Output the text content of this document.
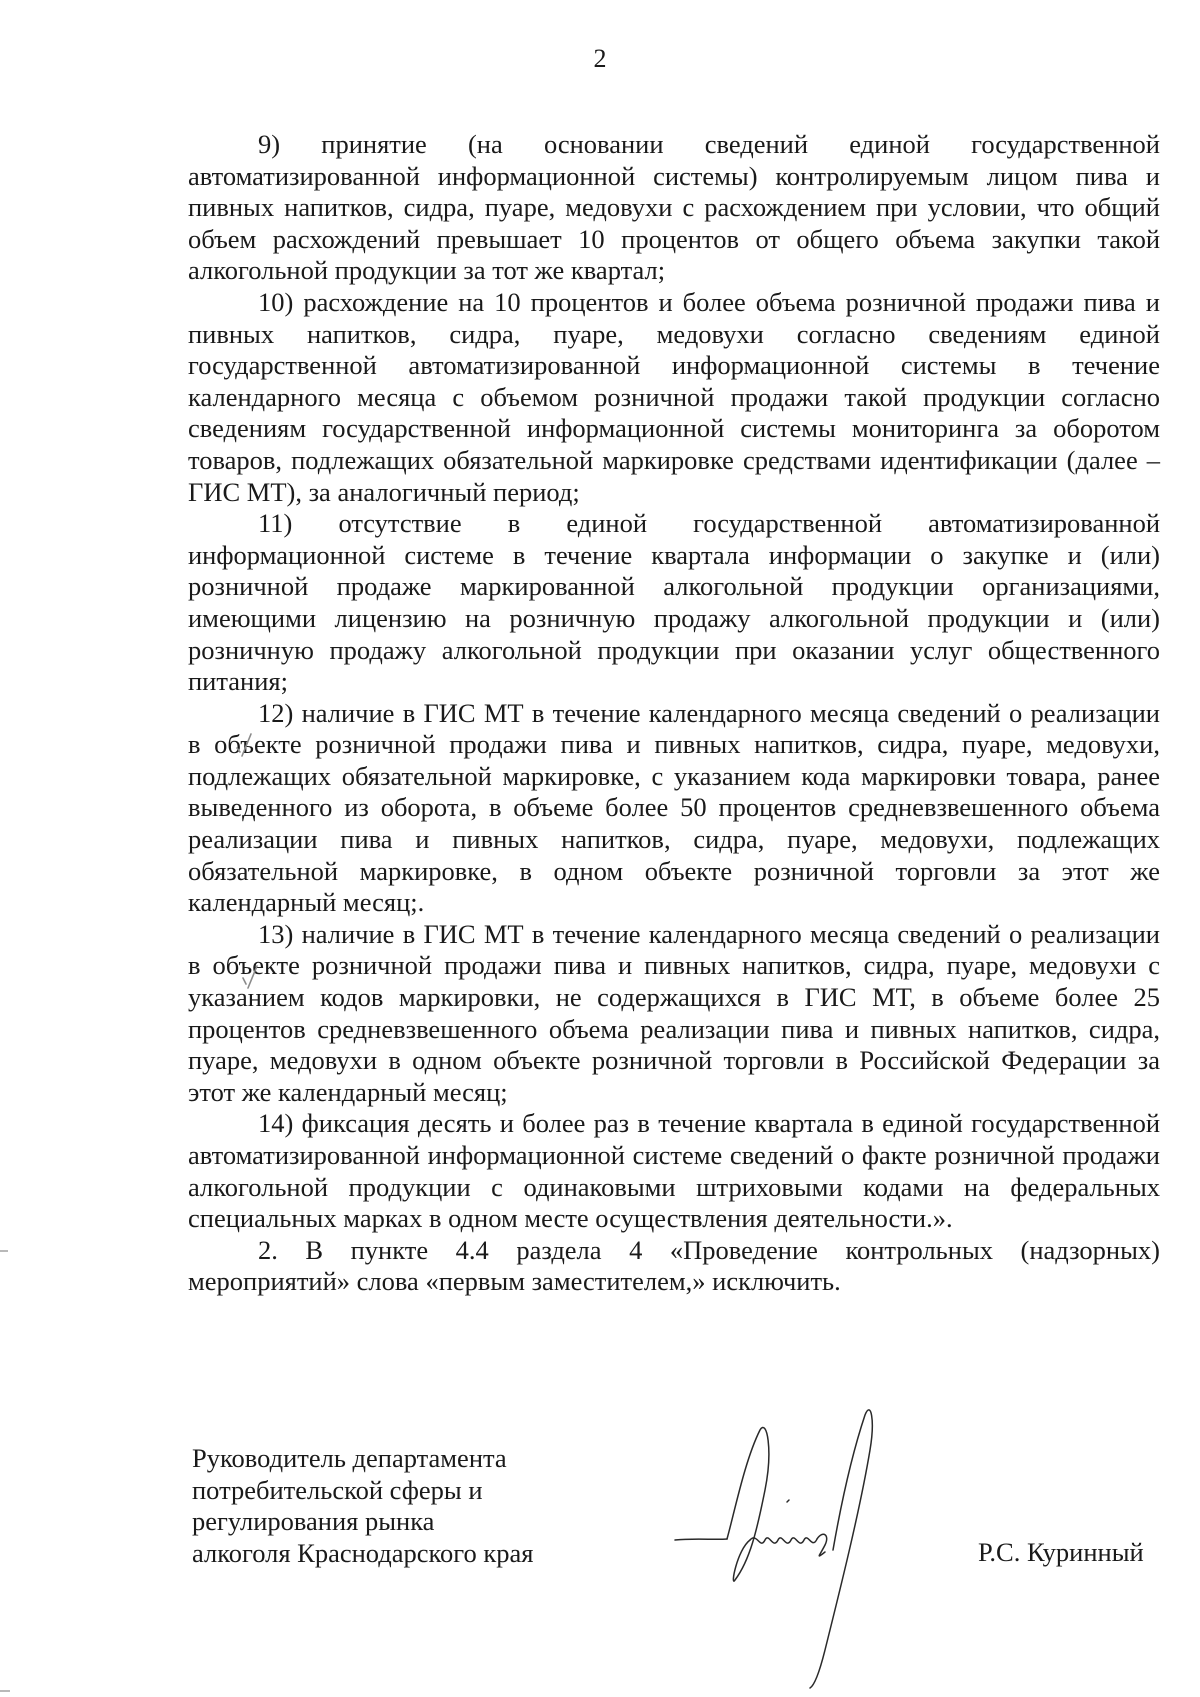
2

9) принятие (на основании сведений единой государственной автоматизированной информационной системы) контролируемым лицом пива и пивных напитков, сидра, пуаре, медовухи с расхождением при условии, что общий объем расхождений превышает 10 процентов от общего объема закупки такой алкогольной продукции за тот же квартал;

10) расхождение на 10 процентов и более объема розничной продажи пива и пивных напитков, сидра, пуаре, медовухи согласно сведениям единой государственной автоматизированной информационной системы в течение календарного месяца с объемом розничной продажи такой продукции согласно сведениям государственной информационной системы мониторинга за оборотом товаров, подлежащих обязательной маркировке средствами идентификации (далее – ГИС МТ), за аналогичный период;

11) отсутствие в единой государственной автоматизированной информационной системе в течение квартала информации о закупке и (или) розничной продаже маркированной алкогольной продукции организациями, имеющими лицензию на розничную продажу алкогольной продукции и (или) розничную продажу алкогольной продукции при оказании услуг общественного питания;

12) наличие в ГИС МТ в течение календарного месяца сведений о реализации в объекте розничной продажи пива и пивных напитков, сидра, пуаре, медовухи, подлежащих обязательной маркировке, с указанием кода маркировки товара, ранее выведенного из оборота, в объеме более 50 процентов средневзвешенного объема реализации пива и пивных напитков, сидра, пуаре, медовухи, подлежащих обязательной маркировке, в одном объекте розничной торговли за этот же календарный месяц;.

13) наличие в ГИС МТ в течение календарного месяца сведений о реализации в объекте розничной продажи пива и пивных напитков, сидра, пуаре, медовухи с указанием кодов маркировки, не содержащихся в ГИС МТ, в объеме более 25 процентов средневзвешенного объема реализации пива и пивных напитков, сидра, пуаре, медовухи в одном объекте розничной торговли в Российской Федерации за этот же календарный месяц;

14) фиксация десять и более раз в течение квартала в единой государственной автоматизированной информационной системе сведений о факте розничной продажи алкогольной продукции с одинаковыми штриховыми кодами на федеральных специальных марках в одном месте осуществления деятельности.».

2. В пункте 4.4 раздела 4 «Проведение контрольных (надзорных) мероприятий» слова «первым заместителем,» исключить.

Руководитель департамента
потребительской сферы и
регулирования рынка
алкоголя Краснодарского края	Р.С. Куринный
